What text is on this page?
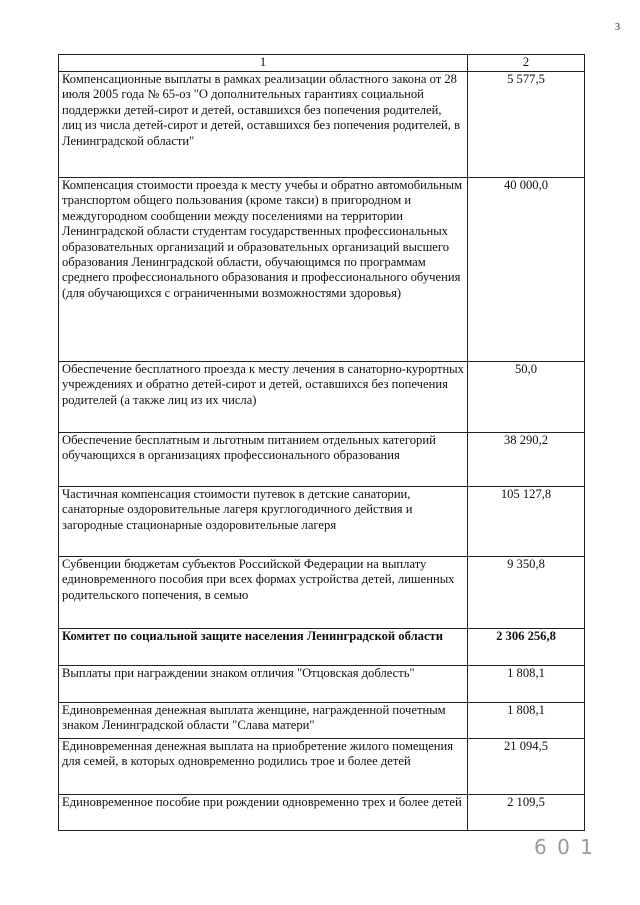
3
1	2
Компенсационные выплаты в рамках реализации областного закона от 28 июля 2005 года № 65-оз "О дополнительных гарантиях социальной поддержки детей-сирот и детей, оставшихся без попечения родителей, лиц из числа детей-сирот и детей, оставшихся без попечения родителей, в Ленинградской области"	5 577,5
Компенсация стоимости проезда к месту учебы и обратно автомобильным транспортом общего пользования (кроме такси) в пригородном и междугородном сообщении между поселениями на территории Ленинградской области студентам государственных профессиональных образовательных организаций и образовательных организаций высшего образования Ленинградской области, обучающимся по программам среднего профессионального образования и профессионального обучения (для обучающихся с ограниченными возможностями здоровья)	40 000,0
Обеспечение бесплатного проезда к месту лечения в санаторно-курортных учреждениях и обратно детей-сирот и детей, оставшихся без попечения родителей (а также лиц из их числа)	50,0
Обеспечение бесплатным и льготным питанием отдельных категорий обучающихся в организациях профессионального образования	38 290,2
Частичная компенсация стоимости путевок в детские санатории, санаторные оздоровительные лагеря круглогодичного действия и загородные стационарные оздоровительные лагеря	105 127,8
Субвенции бюджетам субъектов Российской Федерации на выплату единовременного пособия при всех формах устройства детей, лишенных родительского попечения, в семью	9 350,8
Комитет по социальной защите населения Ленинградской области	2 306 256,8
Выплаты при награждении знаком отличия "Отцовская доблесть"	1 808,1
Единовременная денежная выплата женщине, награжденной почетным знаком Ленинградской области "Слава матери"	1 808,1
Единовременная денежная выплата на приобретение жилого помещения для семей, в которых одновременно родились трое и более детей	21 094,5
Единовременное пособие при рождении одновременно трех и более детей	2 109,5
6 0 1
